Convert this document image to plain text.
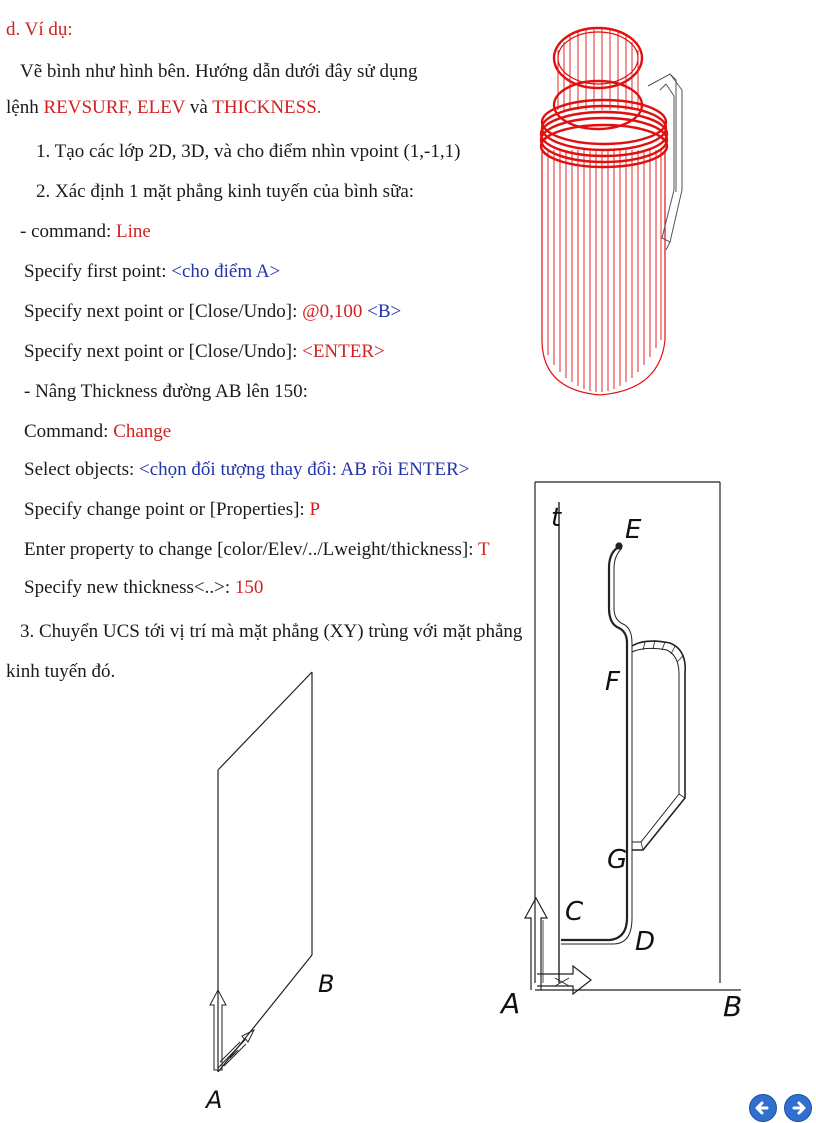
d. Ví dụ:
Vẽ bình như hình bên. Hướng dẫn dưới đây sử dụng
lệnh REVSURF, ELEV và THICKNESS.
1. Tạo các lớp 2D, 3D, và cho điểm nhìn vpoint (1,-1,1)
2. Xác định 1 mặt phẳng kinh tuyến của bình sữa:
- command: Line
Specify first point: <cho điểm A>
Specify next point or [Close/Undo]: @0,100 <B>
Specify next point or [Close/Undo]: <ENTER>
- Nâng Thickness đường AB lên 150:
Command: Change
Select objects: <chọn đối tượng thay đổi: AB rồi ENTER>
Specify change point or [Properties]: P
Enter property to change [color/Elev/../Lweight/thickness]: T
Specify new thickness<..>: 150
3. Chuyển UCS tới vị trí mà mặt phẳng (XY) trùng với mặt phẳng
kinh tuyến đó.
A
B
t E
F
G
C
D
A	B
